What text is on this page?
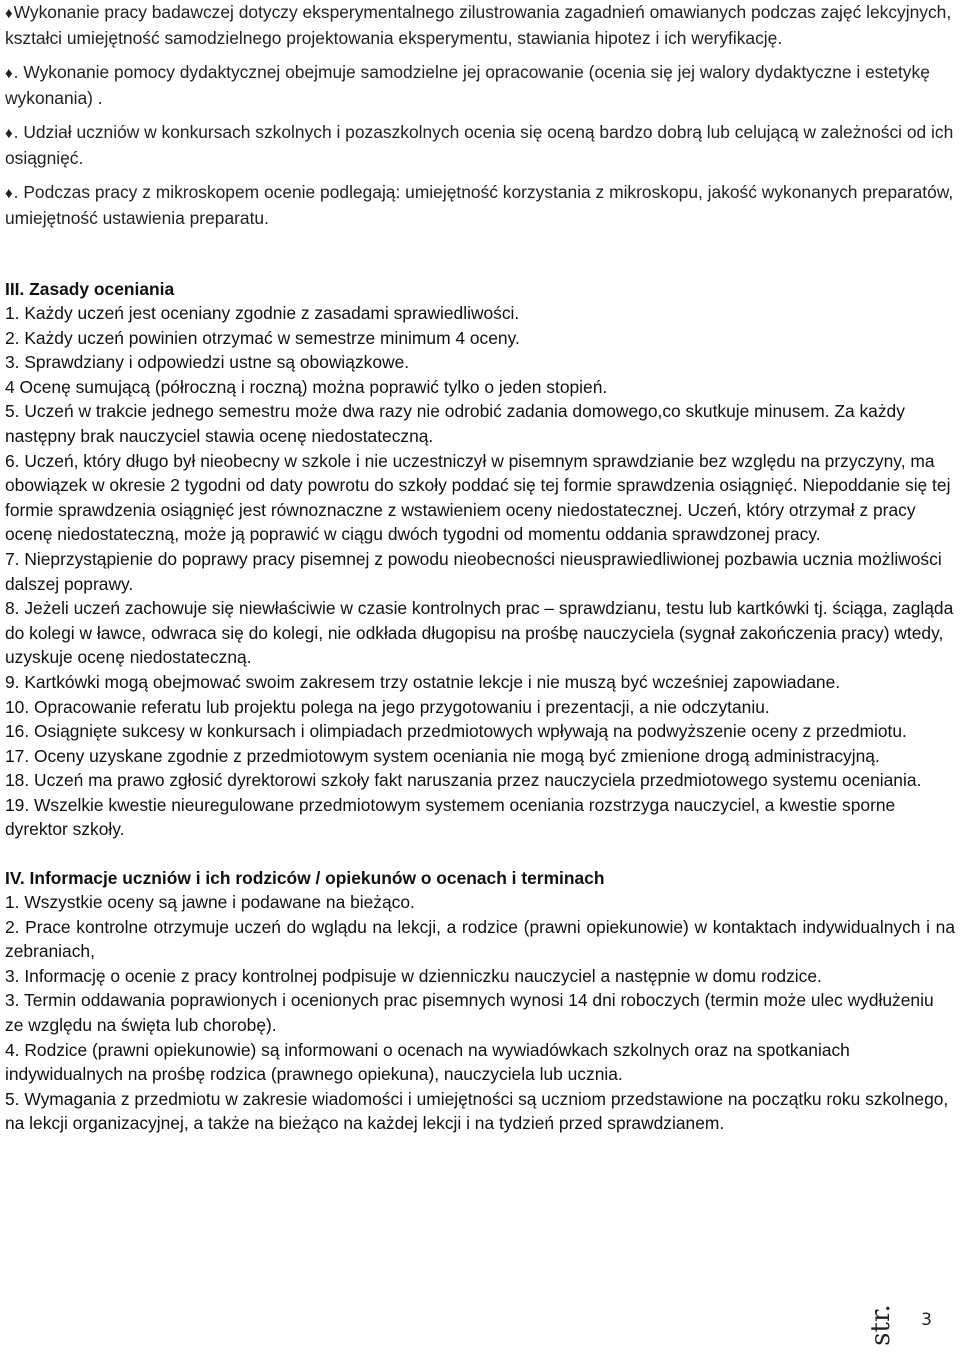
♦Wykonanie pracy badawczej dotyczy eksperymentalnego zilustrowania zagadnień omawianych podczas zajęć lekcyjnych, kształci umiejętność samodzielnego projektowania eksperymentu, stawiania hipotez i ich weryfikację.
♦. Wykonanie pomocy dydaktycznej obejmuje samodzielne jej opracowanie (ocenia się jej walory dydaktyczne i estetykę wykonania) .
♦. Udział uczniów w konkursach szkolnych i pozaszkolnych ocenia się oceną bardzo dobrą lub celującą w zależności od ich osiągnięć.
♦. Podczas pracy z mikroskopem ocenie podlegają: umiejętność korzystania z mikroskopu, jakość wykonanych preparatów, umiejętność ustawienia preparatu.
III. Zasady oceniania
1. Każdy uczeń jest oceniany zgodnie z zasadami sprawiedliwości.
2. Każdy uczeń powinien otrzymać w semestrze minimum 4 oceny.
3. Sprawdziany i odpowiedzi ustne są obowiązkowe.
4 Ocenę sumującą (półroczną i roczną) można poprawić tylko o jeden stopień.
5. Uczeń w trakcie jednego semestru może dwa razy nie odrobić zadania domowego,co skutkuje minusem. Za każdy następny brak nauczyciel stawia ocenę niedostateczną.
6. Uczeń, który długo był nieobecny w szkole i nie uczestniczył w pisemnym sprawdzianie bez względu na przyczyny, ma obowiązek w okresie 2 tygodni od daty powrotu do szkoły poddać się tej formie sprawdzenia osiągnięć. Niepoddanie się tej formie sprawdzenia osiągnięć jest równoznaczne z wstawieniem oceny niedostatecznej. Uczeń, który otrzymał z pracy ocenę niedostateczną, może ją poprawić w ciągu dwóch tygodni od momentu oddania sprawdzonej pracy.
7. Nieprzystąpienie do poprawy pracy pisemnej z powodu nieobecności nieusprawiedliwionej pozbawia ucznia możliwości dalszej poprawy.
8. Jeżeli uczeń zachowuje się niewłaściwie w czasie kontrolnych prac – sprawdzianu, testu lub kartkówki tj. ściąga, zagląda do kolegi w ławce, odwraca się do kolegi, nie odkłada długopisu na prośbę nauczyciela (sygnał zakończenia pracy) wtedy, uzyskuje ocenę niedostateczną.
9. Kartkówki mogą obejmować swoim zakresem trzy ostatnie lekcje i nie muszą być wcześniej zapowiadane.
10. Opracowanie referatu lub projektu polega na jego przygotowaniu i prezentacji, a nie odczytaniu.
16. Osiągnięte sukcesy w konkursach i olimpiadach przedmiotowych wpływają na podwyższenie oceny z przedmiotu.
17. Oceny uzyskane zgodnie z przedmiotowym system oceniania nie mogą być zmienione drogą administracyjną.
18. Uczeń ma prawo zgłosić dyrektorowi szkoły fakt naruszania przez nauczyciela przedmiotowego systemu oceniania.
19. Wszelkie kwestie nieuregulowane przedmiotowym systemem oceniania rozstrzyga nauczyciel, a kwestie sporne dyrektor szkoły.
IV. Informacje uczniów i ich rodziców / opiekunów o ocenach i terminach
1. Wszystkie oceny są jawne i podawane na bieżąco.
2. Prace kontrolne otrzymuje uczeń do wglądu na lekcji, a rodzice (prawni opiekunowie) w kontaktach indywidualnych i na zebraniach,
3. Informację o ocenie z pracy kontrolnej podpisuje w dzienniczku nauczyciel a następnie w domu rodzice.
3. Termin oddawania poprawionych i ocenionych prac pisemnych wynosi 14 dni roboczych (termin może ulec wydłużeniu ze względu na święta lub chorobę).
4. Rodzice (prawni opiekunowie) są informowani o ocenach na wywiadówkach szkolnych oraz na spotkaniach indywidualnych na prośbę rodzica (prawnego opiekuna), nauczyciela lub ucznia.
5. Wymagania z przedmiotu w zakresie wiadomości i umiejętności są uczniom przedstawione na początku roku szkolnego, na lekcji organizacyjnej, a także na bieżąco na każdej lekcji i na tydzień przed sprawdzianem.
str. 3
